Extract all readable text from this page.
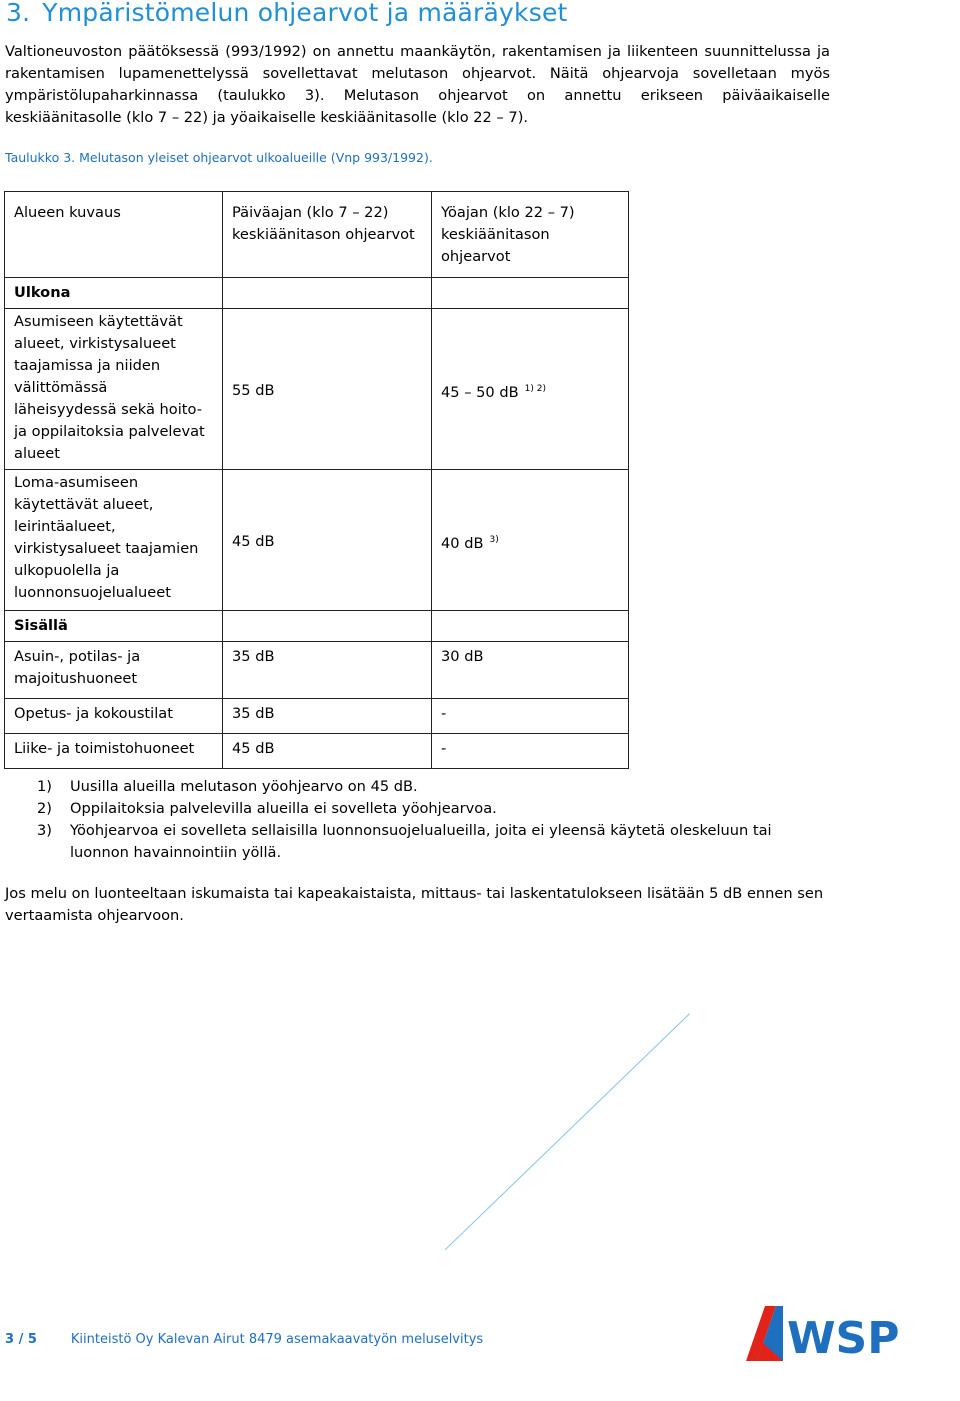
3. Ympäristömelun ohjearvot ja määräykset

Valtioneuvoston päätöksessä (993/1992) on annettu maankäytön, rakentamisen ja liikenteen suunnittelussa ja rakentamisen lupamenettelyssä sovellettavat melutason ohjearvot. Näitä ohjearvoja sovelletaan myös ympäristölupaharkinnassa (taulukko 3). Melutason ohjearvot on annettu erikseen päiväaikaiselle keskiäänitasolle (klo 7 – 22) ja yöaikaiselle keskiäänitasolle (klo 22 – 7).

Taulukko 3. Melutason yleiset ohjearvot ulkoalueille (Vnp 993/1992).

Alueen kuvaus	Päiväajan (klo 7 – 22) keskiäänitason ohjearvot	Yöajan (klo 22 – 7) keskiäänitason ohjearvot
Ulkona		
Asumiseen käytettävät alueet, virkistysalueet taajamissa ja niiden välittömässä läheisyydessä sekä hoito- ja oppilaitoksia palvelevat alueet	55 dB	45 – 50 dB $^{1) 2)}$
Loma-asumiseen käytettävät alueet, leirintäalueet, virkistysalueet taajamien ulkopuolella ja luonnonsuojelualueet	45 dB	40 dB $^{3)}$
Sisällä		
Asuin-, potilas- ja majoitushuoneet	35 dB	30 dB
Opetus- ja kokoustilat	35 dB	-
Liike- ja toimistohuoneet	45 dB	-
1) Uusilla alueilla melutason yöohjearvo on 45 dB.
2) Oppilaitoksia palvelevilla alueilla ei sovelleta yöohjearvoa.
3) Yöohjearvoa ei sovelleta sellaisilla luonnonsuojelualueilla, joita ei yleensä käytetä oleskeluun tai luonnon havainnointiin yöllä.

Jos melu on luonteeltaan iskumaista tai kapeakaistaista, mittaus- tai laskentatulokseen lisätään 5 dB ennen sen vertaamista ohjearvoon.

3 / 5	Kiinteistö Oy Kalevan Airut 8479 asemakaavatyön meluselvitys	WSP
